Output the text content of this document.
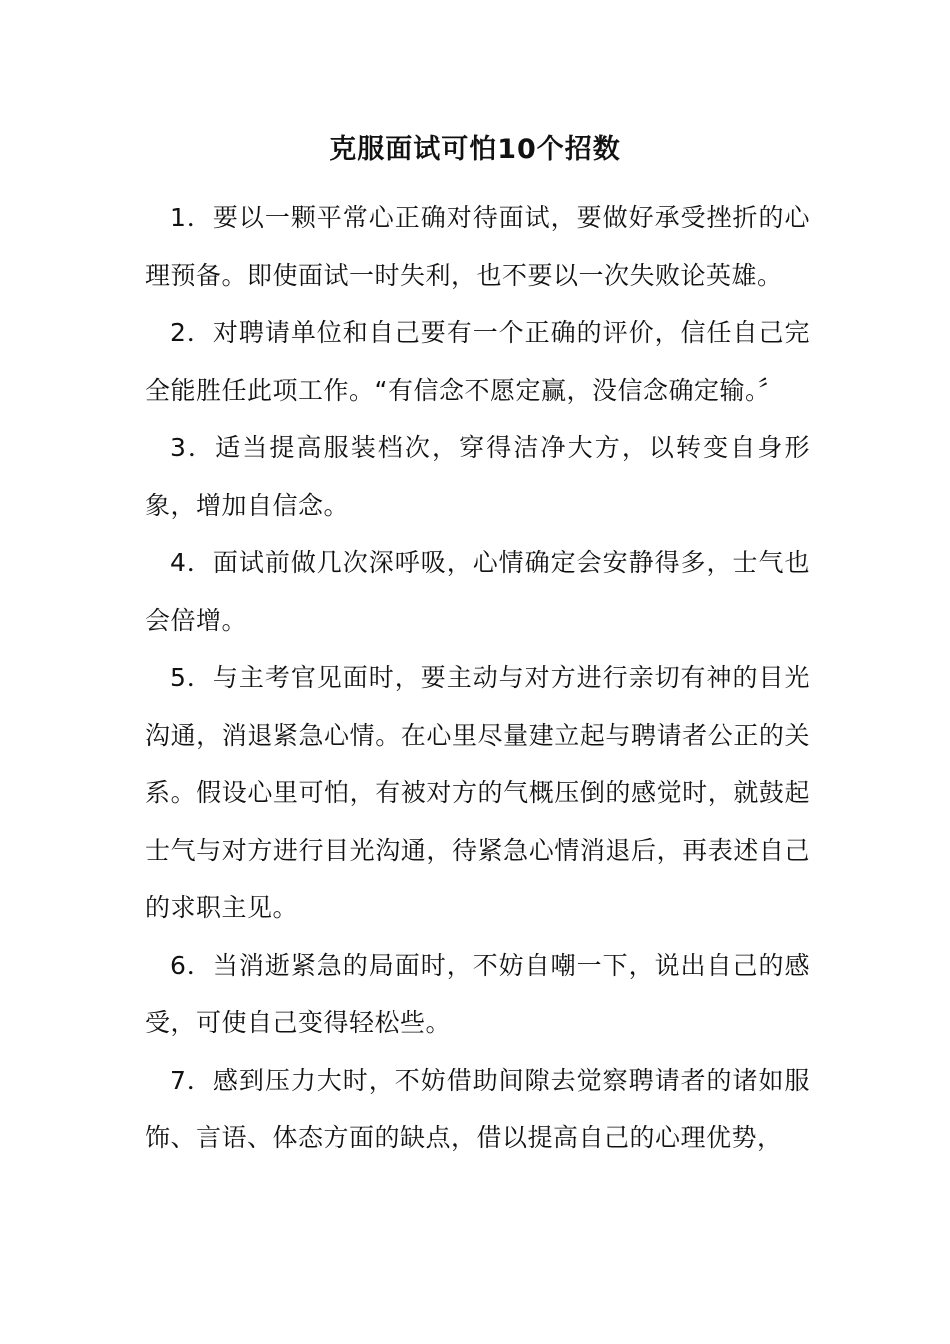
克服面试可怕10个招数

1．要以一颗平常心正确对待面试，要做好承受挫折的心理预备。即使面试一时失利，也不要以一次失败论英雄。

2．对聘请单位和自己要有一个正确的评价，信任自己完全能胜任此项工作。“有信念不愿定赢，没信念确定输。〞

3．适当提高服装档次，穿得洁净大方，以转变自身形象，增加自信念。

4．面试前做几次深呼吸，心情确定会安静得多，士气也会倍增。

5．与主考官见面时，要主动与对方进行亲切有神的目光沟通，消退紧急心情。在心里尽量建立起与聘请者公正的关系。假设心里可怕，有被对方的气概压倒的感觉时，就鼓起士气与对方进行目光沟通，待紧急心情消退后，再表述自己的求职主见。

6．当消逝紧急的局面时，不妨自嘲一下，说出自己的感受，可使自己变得轻松些。

7．感到压力大时，不妨借助间隙去觉察聘请者的诸如服饰、言语、体态方面的缺点，借以提高自己的心理优势，
